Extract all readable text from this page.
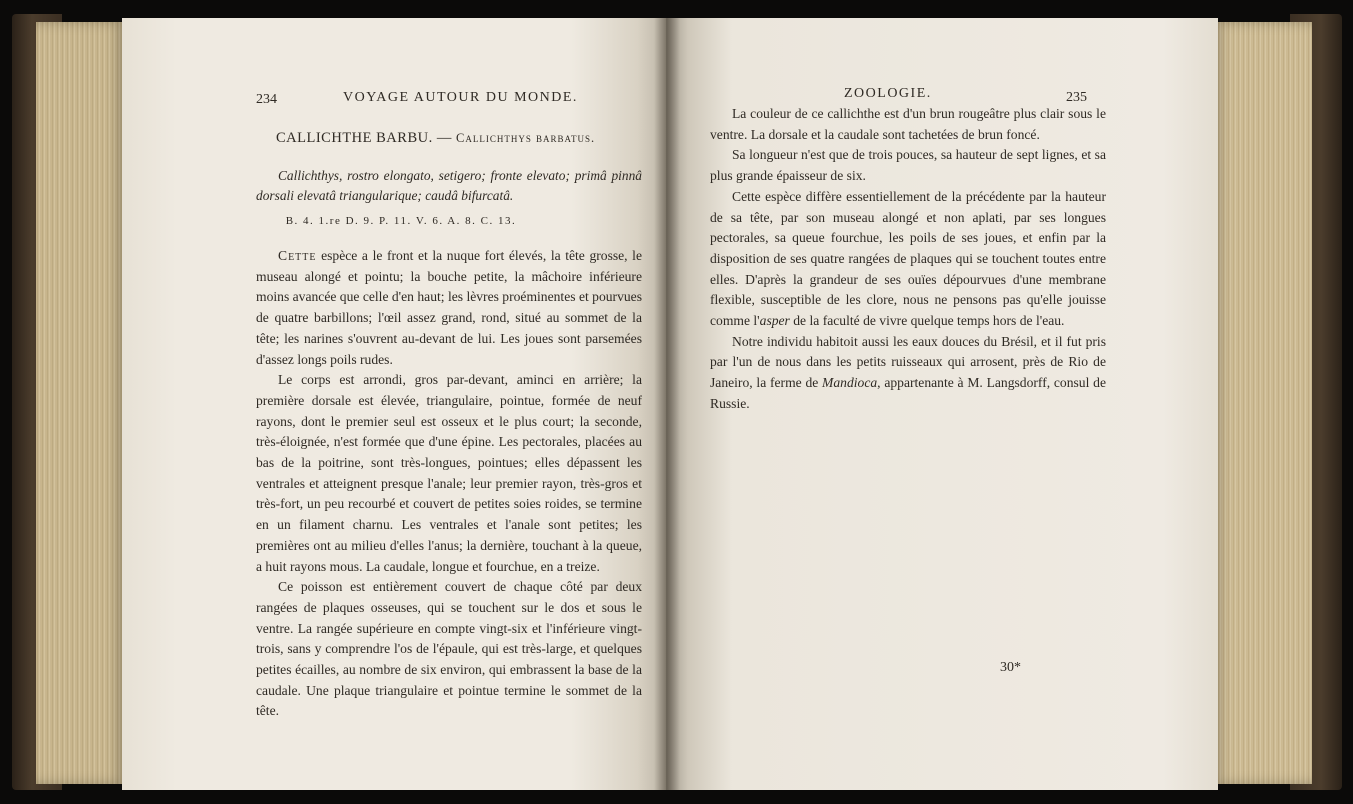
234	VOYAGE AUTOUR DU MONDE.
CALLICHTHE BARBU. — Callichthys barbatus.
Callichthys, rostro elongato, setigero; fronte elevato; primâ pinnâ dorsali elevatâ triangularique; caudâ bifurcatâ.
B. 4. 1.re D. 9. P. 11. V. 6. A. 8. C. 13.

Cette espèce a le front et la nuque fort élevés, la tête grosse, le museau alongé et pointu; la bouche petite, la mâchoire inférieure moins avancée que celle d'en haut; les lèvres proéminentes et pourvues de quatre barbillons; l'œil assez grand, rond, situé au sommet de la tête; les narines s'ouvrent au-devant de lui. Les joues sont parsemées d'assez longs poils rudes.

Le corps est arrondi, gros par-devant, aminci en arrière; la première dorsale est élevée, triangulaire, pointue, formée de neuf rayons, dont le premier seul est osseux et le plus court; la seconde, très-éloignée, n'est formée que d'une épine. Les pectorales, placées au bas de la poitrine, sont très-longues, pointues; elles dépassent les ventrales et atteignent presque l'anale; leur premier rayon, très-gros et très-fort, un peu recourbé et couvert de petites soies roides, se termine en un filament charnu. Les ventrales et l'anale sont petites; les premières ont au milieu d'elles l'anus; la dernière, touchant à la queue, a huit rayons mous. La caudale, longue et fourchue, en a treize.

Ce poisson est entièrement couvert de chaque côté par deux rangées de plaques osseuses, qui se touchent sur le dos et sous le ventre. La rangée supérieure en compte vingt-six et l'inférieure vingt-trois, sans y comprendre l'os de l'épaule, qui est très-large, et quelques petites écailles, au nombre de six environ, qui embrassent la base de la caudale. Une plaque triangulaire et pointue termine le sommet de la tête.

ZOOLOGIE.	235

La couleur de ce callichthe est d'un brun rougeâtre plus clair sous le ventre. La dorsale et la caudale sont tachetées de brun foncé.

Sa longueur n'est que de trois pouces, sa hauteur de sept lignes, et sa plus grande épaisseur de six.

Cette espèce diffère essentiellement de la précédente par la hauteur de sa tête, par son museau alongé et non aplati, par ses longues pectorales, sa queue fourchue, les poils de ses joues, et enfin par la disposition de ses quatre rangées de plaques qui se touchent toutes entre elles. D'après la grandeur de ses ouïes dépourvues d'une membrane flexible, susceptible de les clore, nous ne pensons pas qu'elle jouisse comme l'asper de la faculté de vivre quelque temps hors de l'eau.

Notre individu habitoit aussi les eaux douces du Brésil, et il fut pris par l'un de nous dans les petits ruisseaux qui arrosent, près de Rio de Janeiro, la ferme de Mandioca, appartenante à M. Langsdorff, consul de Russie.

30*
